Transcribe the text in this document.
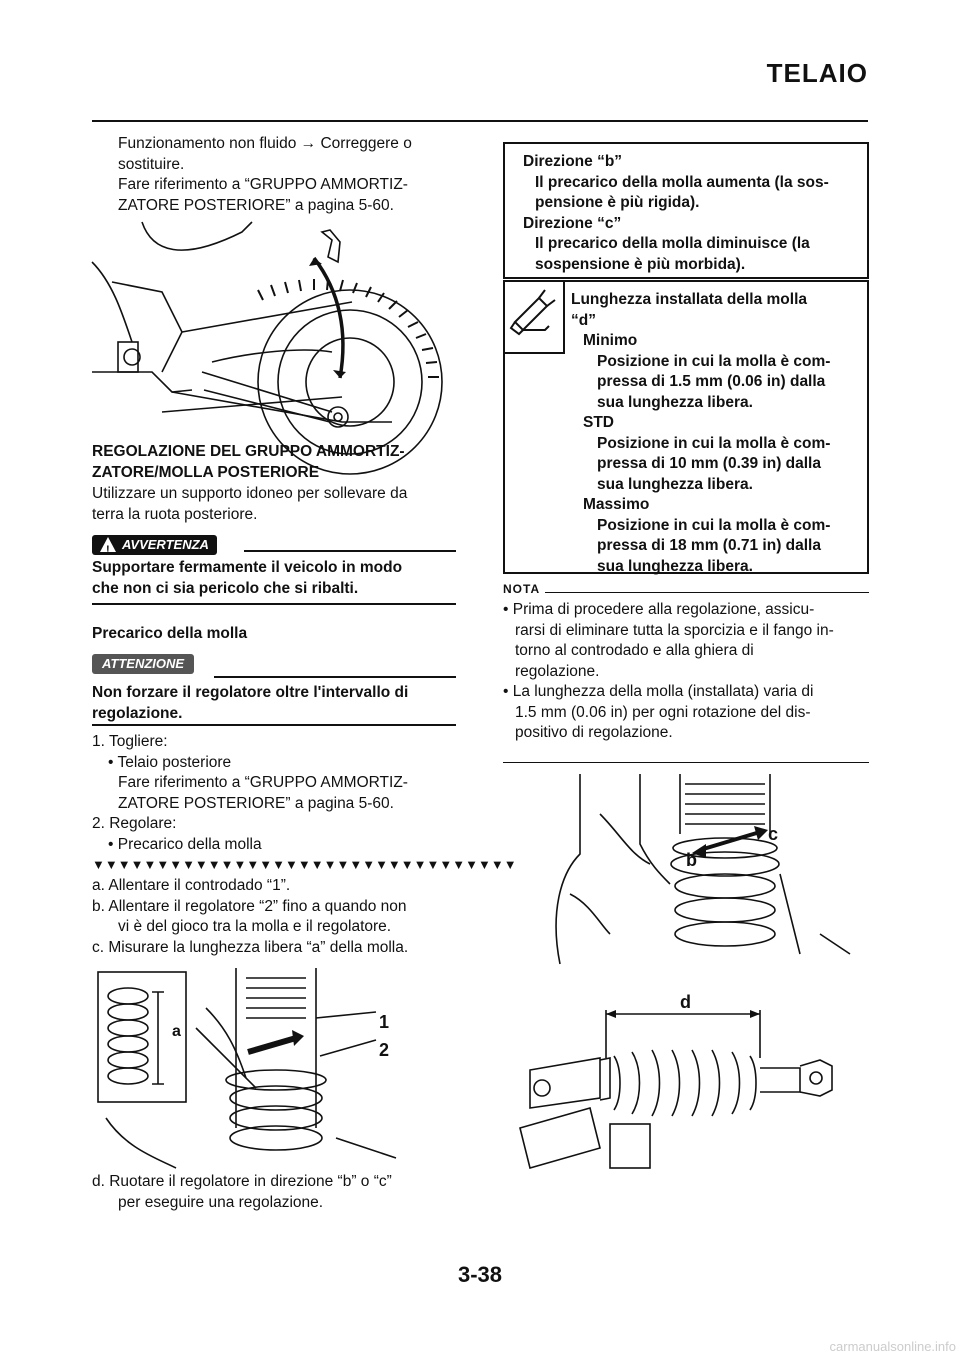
TELAIO
Funzionamento non fluido → Correggere o
sostituire.
Fare riferimento a “GRUPPO AMMORTIZ-
ZATORE POSTERIORE” a pagina 5-60.
REGOLAZIONE DEL GRUPPO AMMORTIZ-
ZATORE/MOLLA POSTERIORE
Utilizzare un supporto idoneo per sollevare da
terra la ruota posteriore.
! AVVERTENZA
Supportare fermamente il veicolo in modo
che non ci sia pericolo che si ribalti.
Precarico della molla
ATTENZIONE
Non forzare il regolatore oltre l'intervallo di
regolazione.
1. Togliere:
• Telaio posteriore
Fare riferimento a “GRUPPO AMMORTIZ-
ZATORE POSTERIORE” a pagina 5-60.
2. Regolare:
• Precarico della molla
▼▼▼▼▼▼▼▼▼▼▼▼▼▼▼▼▼▼▼▼▼▼▼▼▼▼▼▼▼▼▼▼▼
a. Allentare il controdado “1”.
b. Allentare il regolatore “2” fino a quando non
vi è del gioco tra la molla e il regolatore.
c. Misurare la lunghezza libera “a” della molla.
a	1
2
d. Ruotare il regolatore in direzione “b” o “c”
per eseguire una regolazione.
Direzione “b”
Il precarico della molla aumenta (la sos-
pensione è più rigida).
Direzione “c”
Il precarico della molla diminuisce (la
sospensione è più morbida).
Lunghezza installata della molla
“d”
Minimo
Posizione in cui la molla è com-
pressa di 1.5 mm (0.06 in) dalla
sua lunghezza libera.
STD
Posizione in cui la molla è com-
pressa di 10 mm (0.39 in) dalla
sua lunghezza libera.
Massimo
Posizione in cui la molla è com-
pressa di 18 mm (0.71 in) dalla
sua lunghezza libera.
NOTA
• Prima di procedere alla regolazione, assicu-
rarsi di eliminare tutta la sporcizia e il fango in-
torno al controdado e alla ghiera di
regolazione.
• La lunghezza della molla (installata) varia di
1.5 mm (0.06 in) per ogni rotazione del dis-
positivo di regolazione.
b
c
d
3-38
carmanualsonline.info
